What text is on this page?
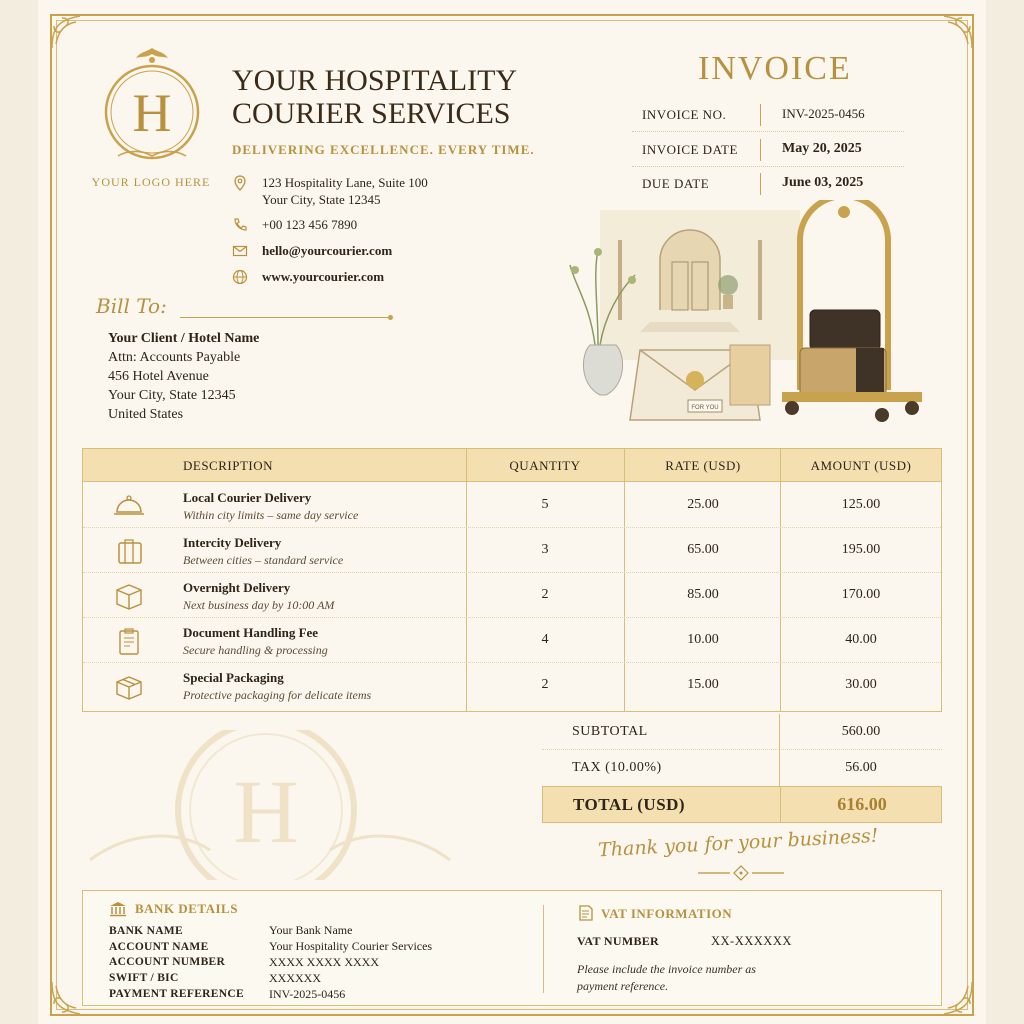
H
YOUR LOGO HERE
YOUR HOSPITALITY
COURIER SERVICES
DELIVERING EXCELLENCE. EVERY TIME.
123 Hospitality Lane, Suite 100
Your City, State 12345
+00 123 456 7890
hello@yourcourier.com
www.yourcourier.com
INVOICE
INVOICE NO.	INV-2025-0456
INVOICE DATE	May 20, 2025
DUE DATE	June 03, 2025
Bill To:
Your Client / Hotel Name
Attn: Accounts Payable
456 Hotel Avenue
Your City, State 12345
United States	FOR YOU
DESCRIPTION	QUANTITY	RATE (USD)	AMOUNT (USD)
Local Courier Delivery
Within city limits – same day service
5	25.00	125.00
Intercity Delivery
Between cities – standard service
3	65.00	195.00
Overnight Delivery
Next business day by 10:00 AM
2	85.00	170.00
Document Handling Fee
Secure handling & processing
4	10.00	40.00
Special Packaging
Protective packaging for delicate items
2	15.00	30.00
SUBTOTAL	560.00
TAX (10.00%)	56.00
TOTAL (USD)	616.00
H	Thank you for your business!
BANK DETAILS
BANK NAME	Your Bank Name
ACCOUNT NAME	Your Hospitality Courier Services
ACCOUNT NUMBER	XXXX XXXX XXXX
SWIFT / BIC	XXXXXX
PAYMENT REFERENCE INV-2025-0456
VAT INFORMATION
VAT NUMBER	XX-XXXXXX
Please include the invoice number as payment reference.
